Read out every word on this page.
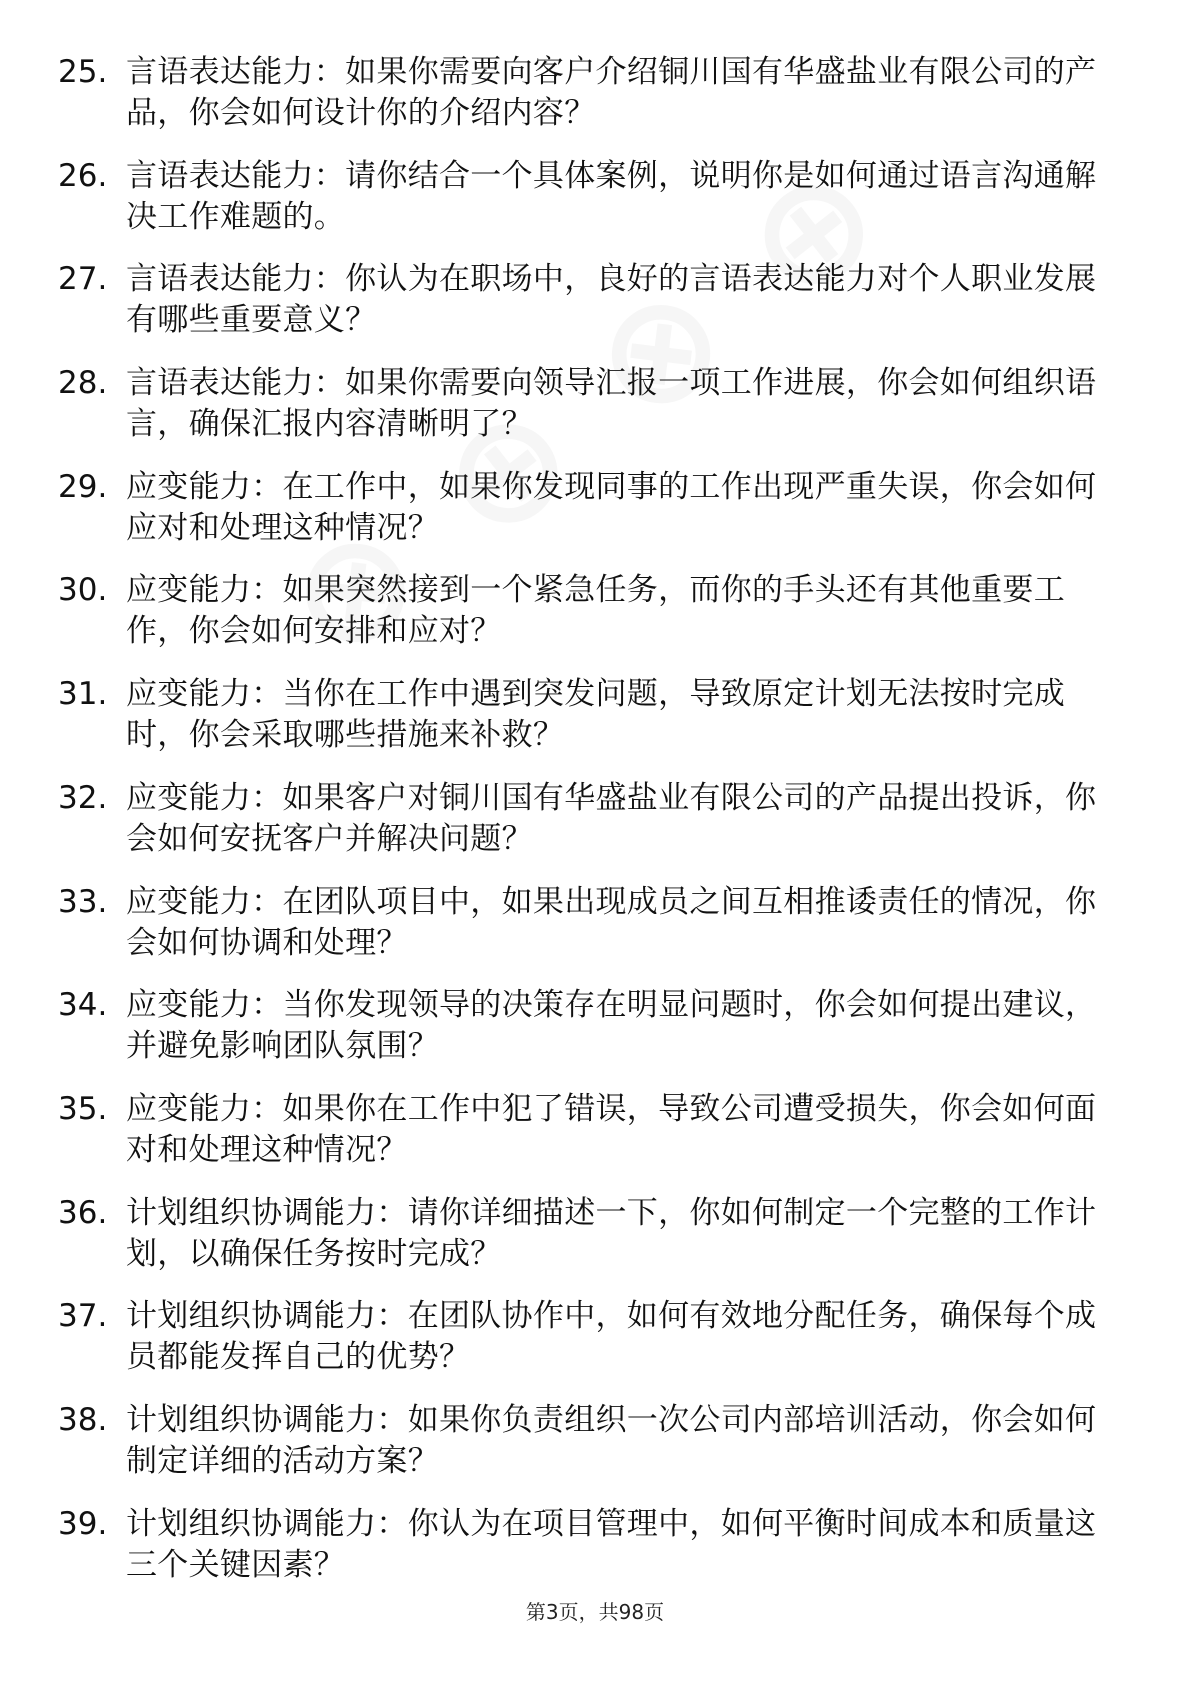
25. 言语表达能力：如果你需要向客户介绍铜川国有华盛盐业有限公司的产品，你会如何设计你的介绍内容？
26. 言语表达能力：请你结合一个具体案例，说明你是如何通过语言沟通解决工作难题的。
27. 言语表达能力：你认为在职场中，良好的言语表达能力对个人职业发展有哪些重要意义？
28. 言语表达能力：如果你需要向领导汇报一项工作进展，你会如何组织语言，确保汇报内容清晰明了？
29. 应变能力：在工作中，如果你发现同事的工作出现严重失误，你会如何应对和处理这种情况？
30. 应变能力：如果突然接到一个紧急任务，而你的手头还有其他重要工作，你会如何安排和应对？
31. 应变能力：当你在工作中遇到突发问题，导致原定计划无法按时完成时，你会采取哪些措施来补救？
32. 应变能力：如果客户对铜川国有华盛盐业有限公司的产品提出投诉，你会如何安抚客户并解决问题？
33. 应变能力：在团队项目中，如果出现成员之间互相推诿责任的情况，你会如何协调和处理？
34. 应变能力：当你发现领导的决策存在明显问题时，你会如何提出建议，并避免影响团队氛围？
35. 应变能力：如果你在工作中犯了错误，导致公司遭受损失，你会如何面对和处理这种情况？
36. 计划组织协调能力：请你详细描述一下，你如何制定一个完整的工作计划，以确保任务按时完成？
37. 计划组织协调能力：在团队协作中，如何有效地分配任务，确保每个成员都能发挥自己的优势？
38. 计划组织协调能力：如果你负责组织一次公司内部培训活动，你会如何制定详细的活动方案？
39. 计划组织协调能力：你认为在项目管理中，如何平衡时间成本和质量这三个关键因素？
第3页，共98页
